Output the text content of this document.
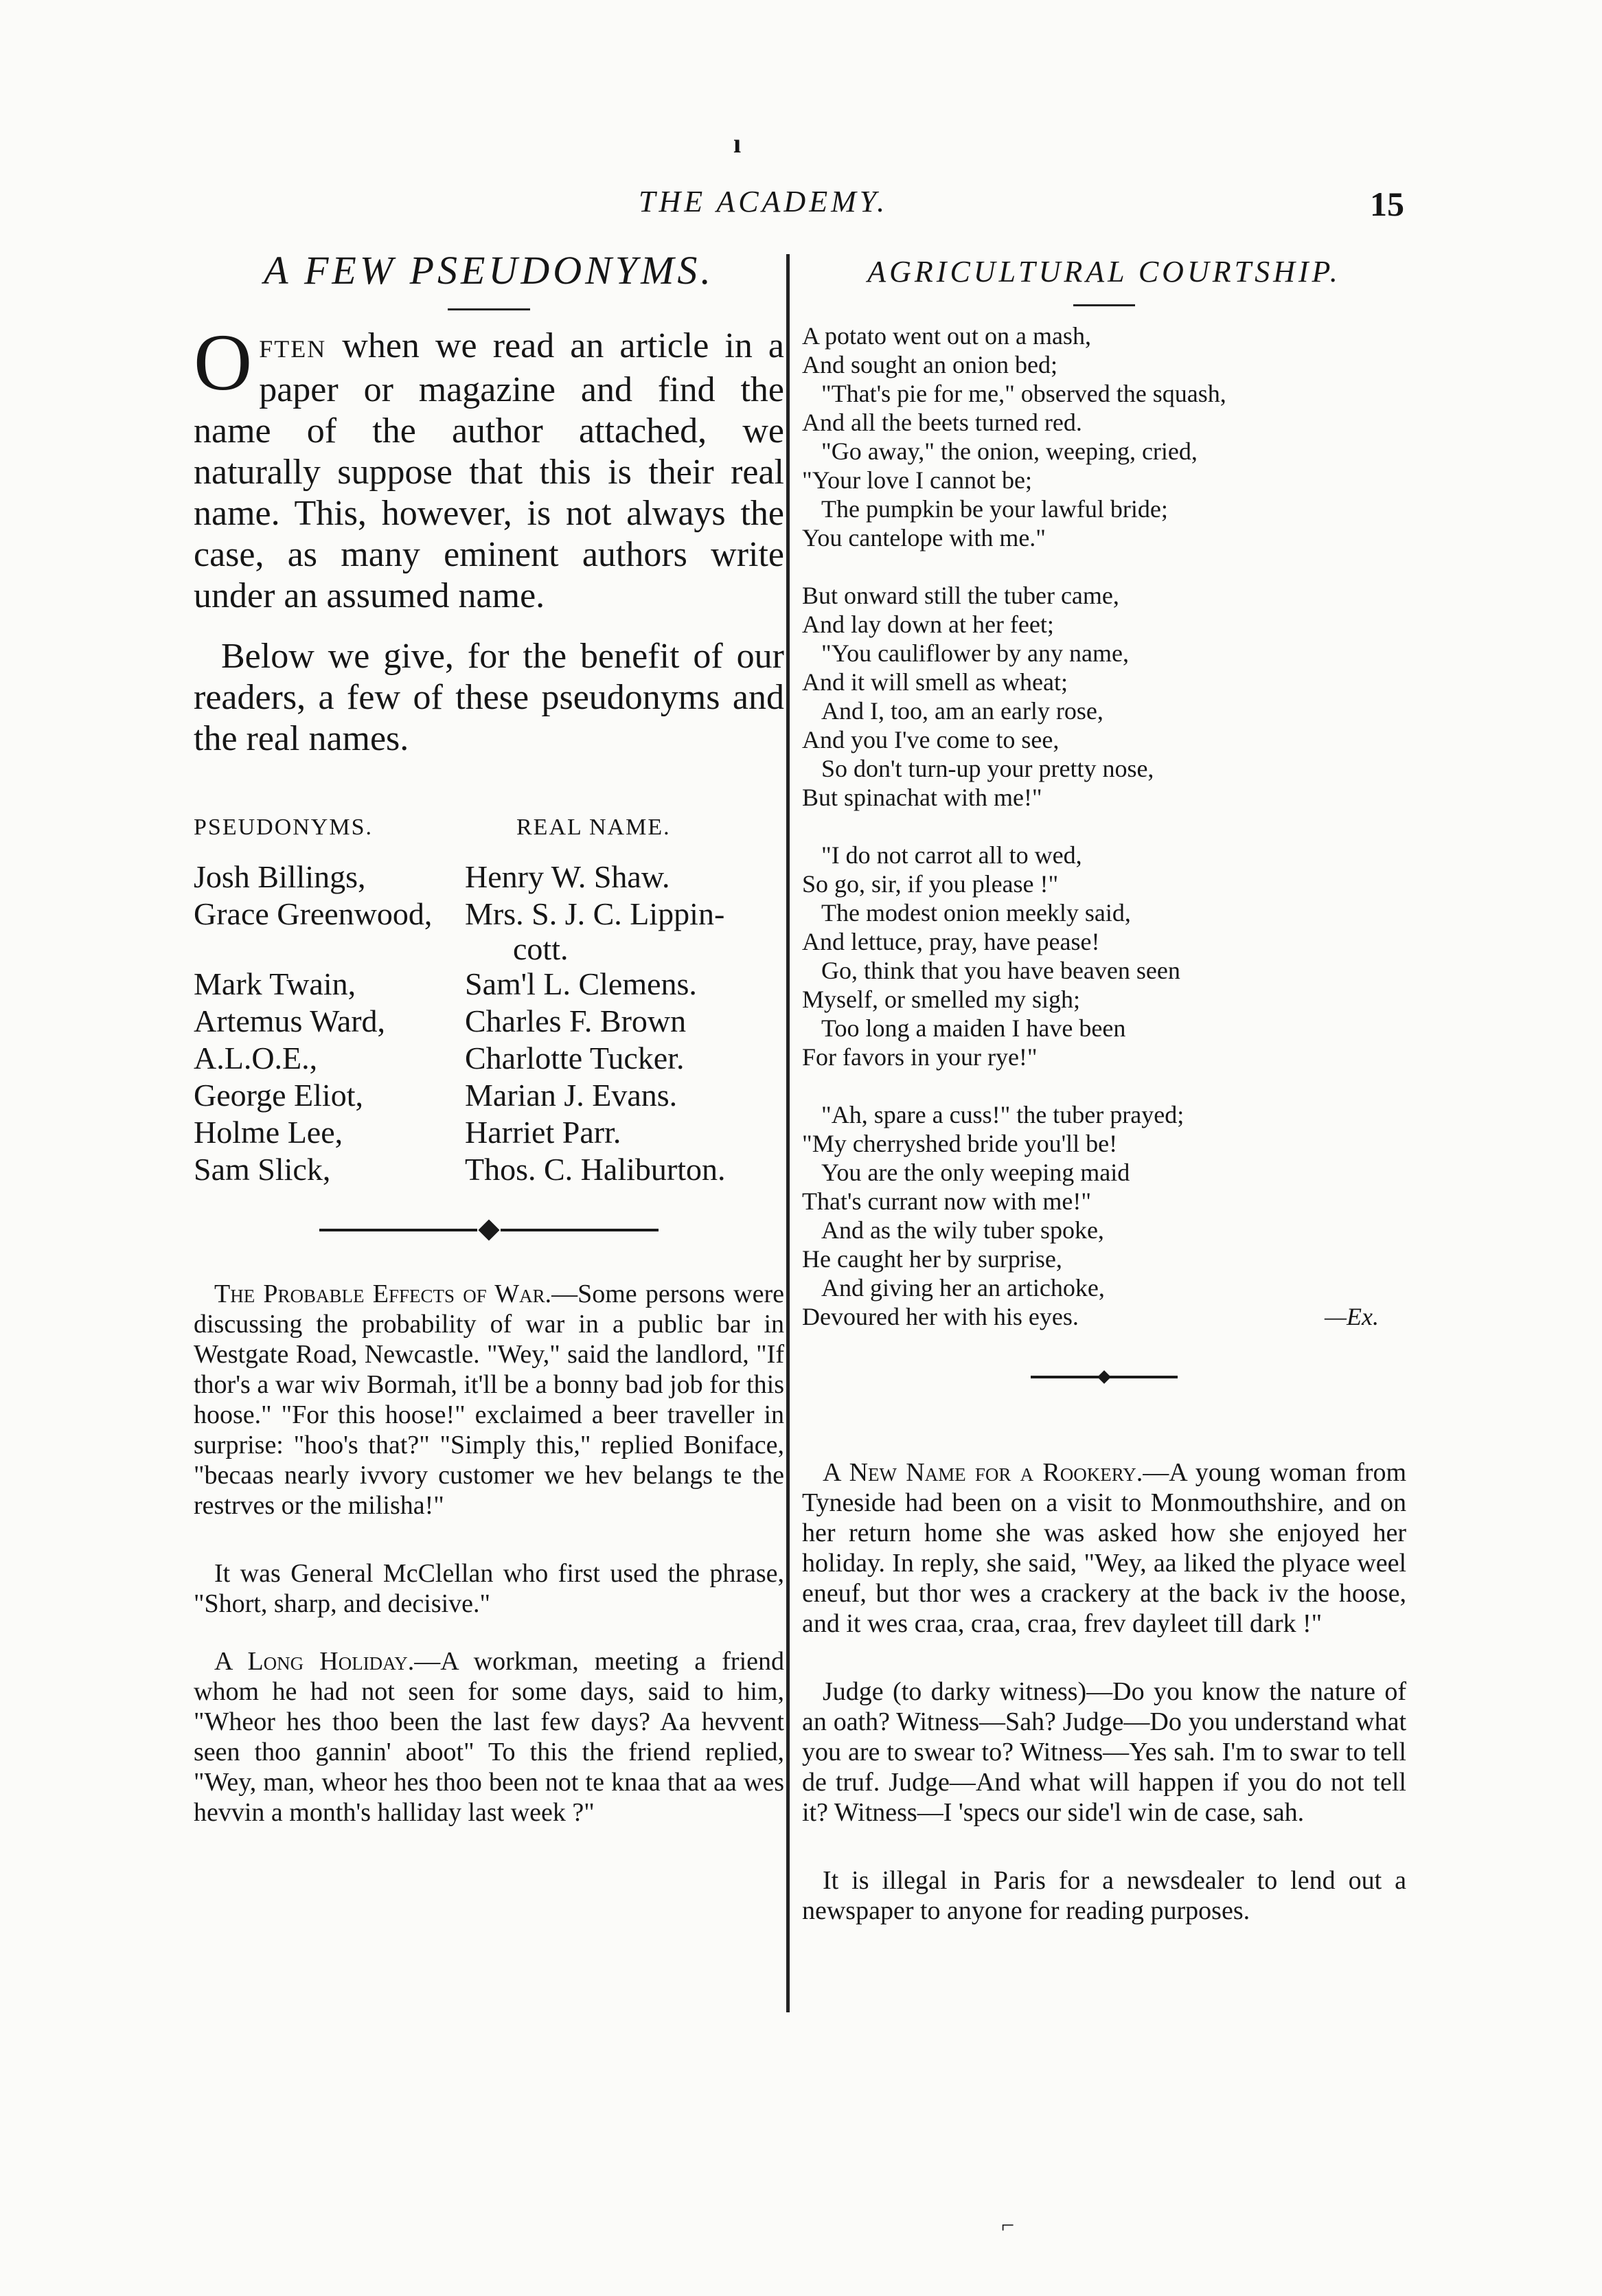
ı
THE ACADEMY.	15
A FEW PSEUDONYMS.

O FTEN when we read an article in a paper or magazine and find the name of the author attached, we naturally suppose that this is their real name. This, however, is not always the case, as many eminent authors write under an assumed name.

Below we give, for the benefit of our readers, a few of these pseudonyms and the real names.

PSEUDONYMS.	REAL NAME.
Josh Billings,	Henry W. Shaw.
Grace Greenwood,	Mrs. S. J. C. Lippin-
cott.
Mark Twain,	Sam'l L. Clemens.
Artemus Ward,	Charles F. Brown
A.L.O.E.,	Charlotte Tucker.
George Eliot,	Marian J. Evans.
Holme Lee,	Harriet Parr.
Sam Slick,	Thos. C. Haliburton.

The Probable Effects of War.—Some persons were discussing the probability of war in a public bar in Westgate Road, Newcastle. "Wey," said the landlord, "If thor's a war wiv Bormah, it'll be a bonny bad job for this hoose." "For this hoose!" exclaimed a beer traveller in surprise: "hoo's that?" "Simply this," replied Boniface, "becaas nearly ivvory customer we hev belangs te the restrves or the milisha!"

It was General McClellan who first used the phrase, "Short, sharp, and decisive."

A Long Holiday.—A workman, meeting a friend whom he had not seen for some days, said to him, "Wheor hes thoo been the last few days? Aa hevvent seen thoo gannin' aboot" To this the friend replied, "Wey, man, wheor hes thoo been not te knaa that aa wes hevvin a month's halliday last week ?"

AGRICULTURAL COURTSHIP.
A potato went out on a mash,
And sought an onion bed;
"That's pie for me," observed the squash,
And all the beets turned red.
"Go away," the onion, weeping, cried,
"Your love I cannot be;
The pumpkin be your lawful bride;
You cantelope with me."
But onward still the tuber came,
And lay down at her feet;
"You cauliflower by any name,
And it will smell as wheat;
And I, too, am an early rose,
And you I've come to see,
So don't turn-up your pretty nose,
But spinachat with me!"
"I do not carrot all to wed,
So go, sir, if you please !"
The modest onion meekly said,
And lettuce, pray, have pease!
Go, think that you have beaven seen
Myself, or smelled my sigh;
Too long a maiden I have been
For favors in your rye!"
"Ah, spare a cuss!" the tuber prayed;
"My cherryshed bride you'll be!
You are the only weeping maid
That's currant now with me!"
And as the wily tuber spoke,
He caught her by surprise,
And giving her an artichoke,
Devoured her with his eyes.	—Ex.

A New Name for a Rookery.—A young woman from Tyneside had been on a visit to Monmouthshire, and on her return home she was asked how she enjoyed her holiday. In reply, she said, "Wey, aa liked the plyace weel eneuf, but thor wes a crackery at the back iv the hoose, and it wes craa, craa, craa, frev dayleet till dark !"

Judge (to darky witness)—Do you know the nature of an oath? Witness—Sah? Judge—Do you understand what you are to swear to? Witness—Yes sah. I'm to swar to tell de truf. Judge—And what will happen if you do not tell it? Witness—I 'specs our side'l win de case, sah.

It is illegal in Paris for a newsdealer to lend out a newspaper to anyone for reading purposes.

⌐
